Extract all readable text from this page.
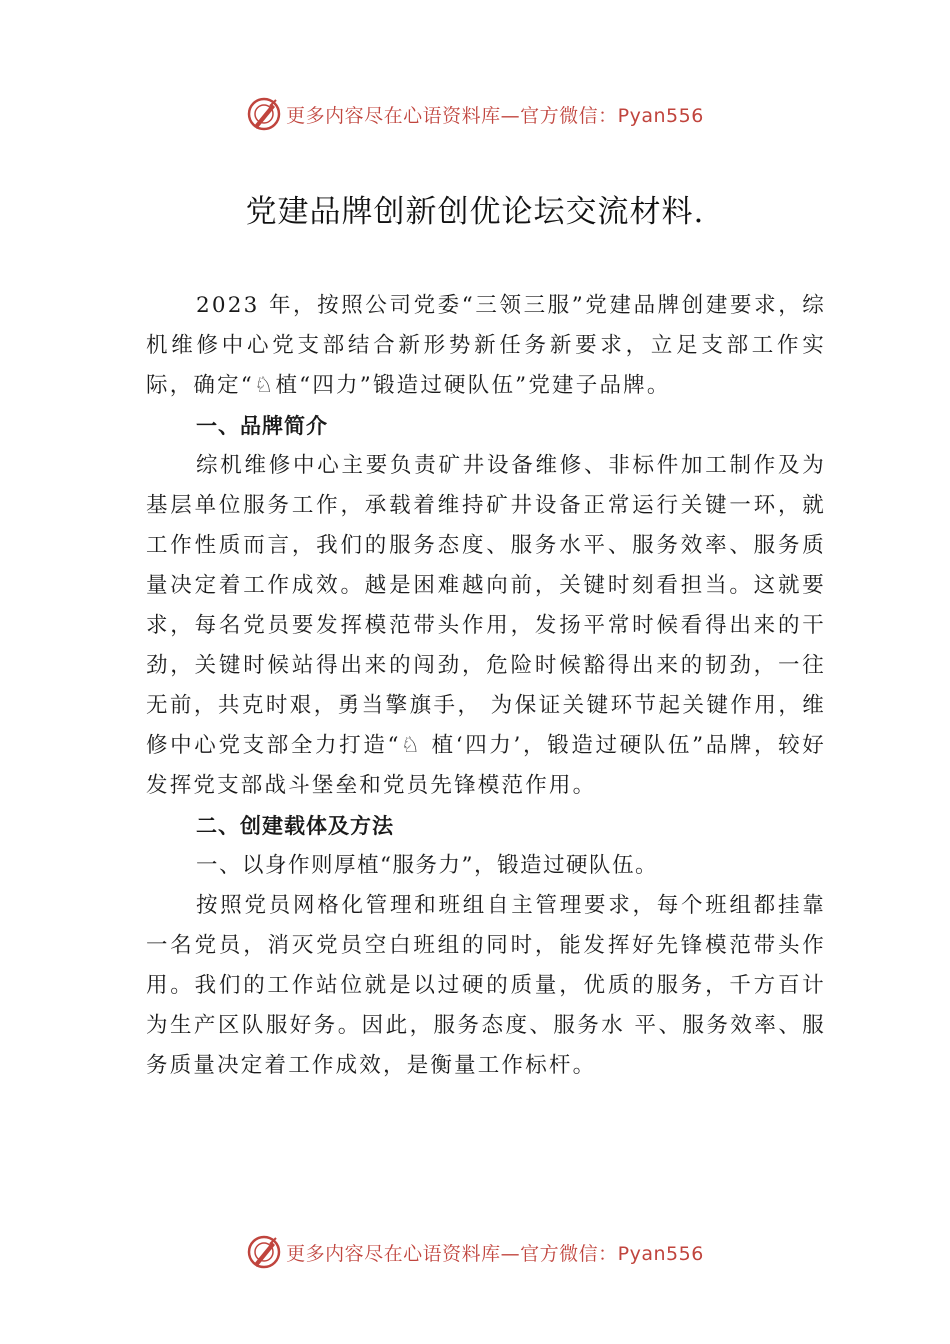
更多内容尽在心语资料库—官方微信：Pyan556
党建品牌创新创优论坛交流材料.

2023 年，按照公司党委“三领三服”党建品牌创建要求，综机维修中心党支部结合新形势新任务新要求，立足支部工作实际，确定“♘植“四力”锻造过硬队伍”党建子品牌。

一、品牌简介

综机维修中心主要负责矿井设备维修、非标件加工制作及为基层单位服务工作，承载着维持矿井设备正常运行关键一环，就工作性质而言，我们的服务态度、服务水平、服务效率、服务质量决定着工作成效。越是困难越向前，关键时刻看担当。这就要求，每名党员要发挥模范带头作用，发扬平常时候看得出来的干劲，关键时候站得出来的闯劲，危险时候豁得出来的韧劲，一往无前，共克时艰，勇当擎旗手， 为保证关键环节起关键作用，维修中心党支部全力打造“♘ 植‘四力’，锻造过硬队伍”品牌，较好发挥党支部战斗堡垒和党员先锋模范作用。

二、创建载体及方法

一、以身作则厚植“服务力”，锻造过硬队伍。

按照党员网格化管理和班组自主管理要求，每个班组都挂靠一名党员，消灭党员空白班组的同时，能发挥好先锋模范带头作用。我们的工作站位就是以过硬的质量，优质的服务，千方百计为生产区队服好务。因此，服务态度、服务水 平、服务效率、服务质量决定着工作成效，是衡量工作标杆。

更多内容尽在心语资料库—官方微信：Pyan556
